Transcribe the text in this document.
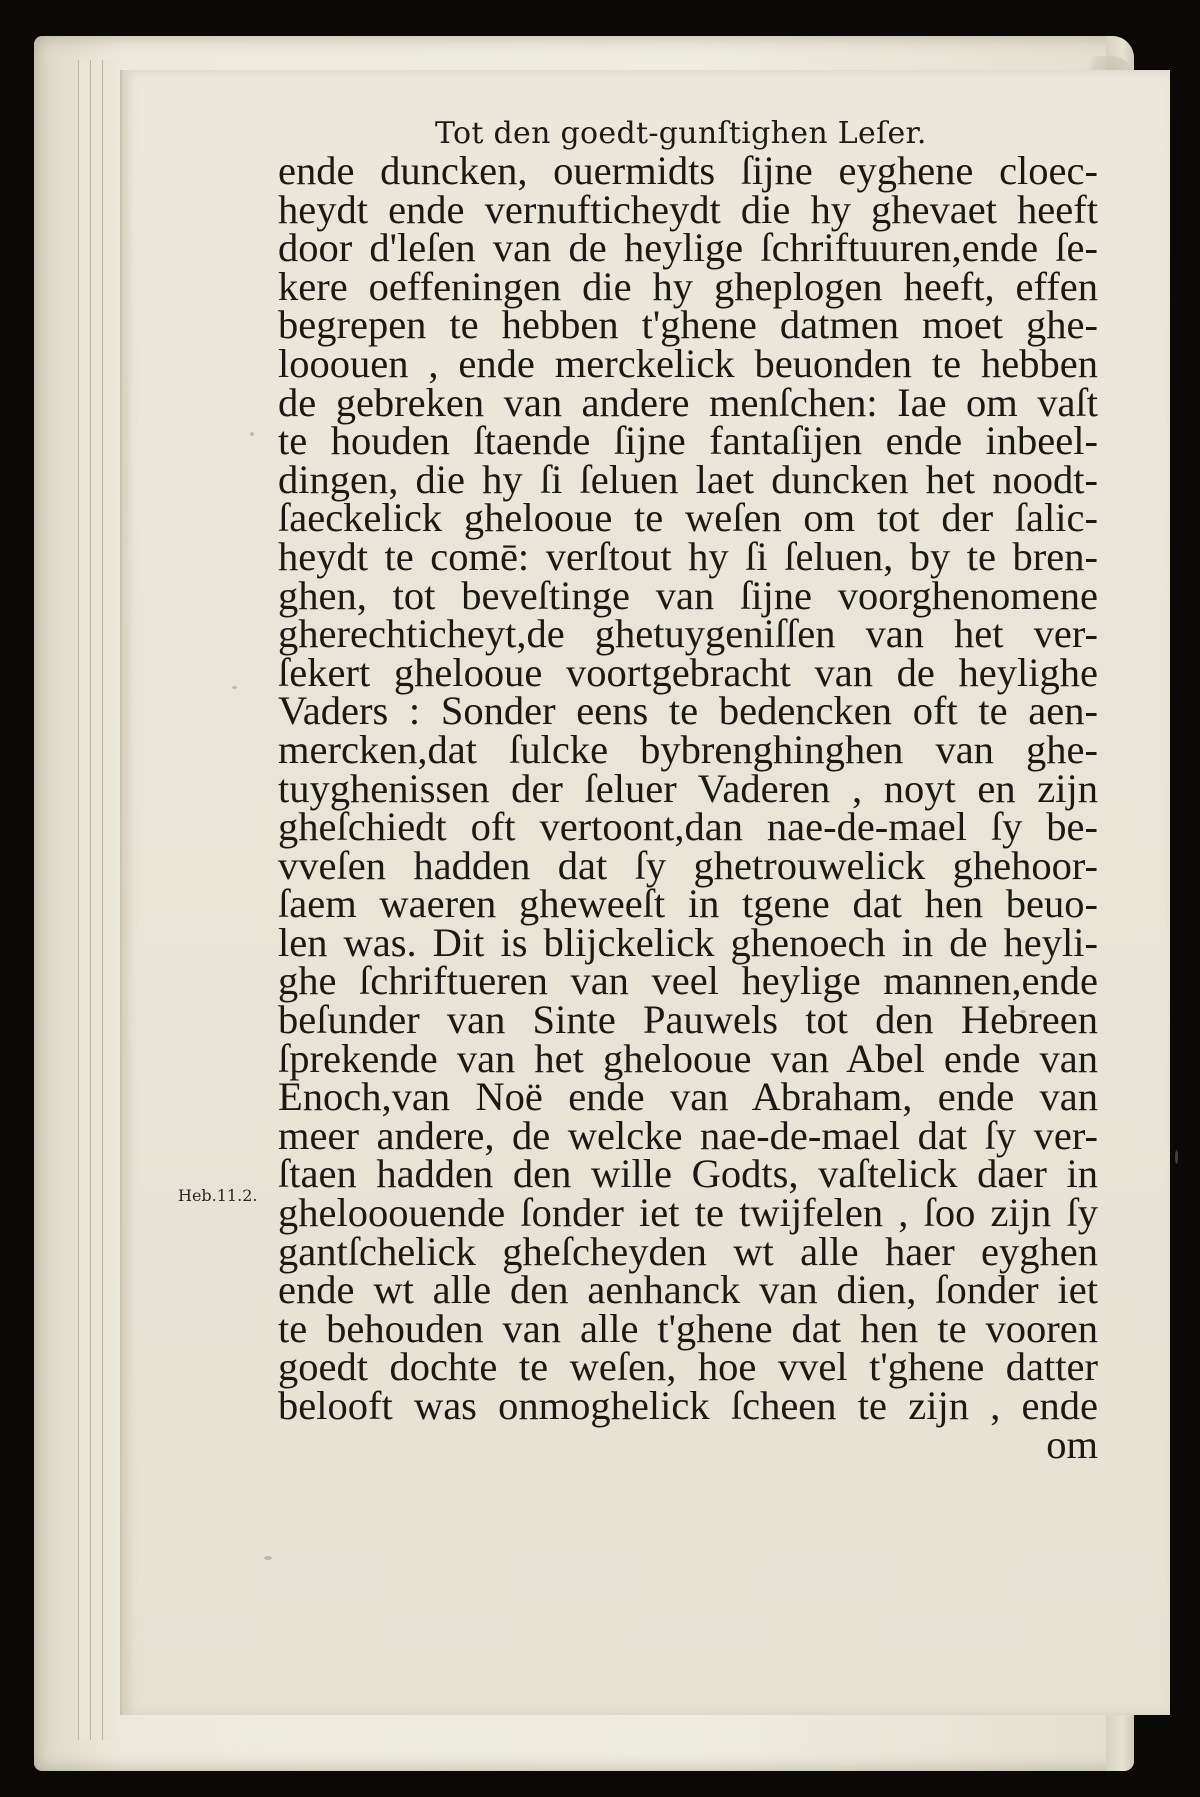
Tot den goedt-gunſtighen Leſer.
Heb.11.2.
ende duncken, ouermidts ſijne eyghene cloec-
heydt ende vernufticheydt die hy ghevaet heeft
door d'leſen van de heylige ſchriftuuren,ende ſe-
kere oeffeningen die hy gheplogen heeft, effen
begrepen te hebben t'ghene datmen moet ghe-
looouen , ende merckelick beuonden te hebben
de gebreken van andere menſchen: Iae om vaſt
te houden ſtaende ſijne fantaſijen ende inbeel-
dingen, die hy ſi ſeluen laet duncken het noodt-
ſaeckelick ghelooue te weſen om tot der ſalic-
heydt te comē: verſtout hy ſi ſeluen, by te bren-
ghen, tot beveſtinge van ſijne voorghenomene
gherechticheyt,de ghetuygeniſſen van het ver-
ſekert ghelooue voortgebracht van de heylighe
Vaders : Sonder eens te bedencken oft te aen-
mercken,dat ſulcke bybrenghinghen van ghe-
tuyghenissen der ſeluer Vaderen , noyt en zijn
gheſchiedt oft vertoont,dan nae-de-mael ſy be-
vveſen hadden dat ſy ghetrouwelick ghehoor-
ſaem waeren gheweeſt in tgene dat hen beuo-
len was. Dit is blijckelick ghenoech in de heyli-
ghe ſchriftueren van veel heylige mannen,ende
beſunder van Sinte Pauwels tot den Hebreen
ſprekende van het ghelooue van Abel ende van
Enoch,van Noë ende van Abraham, ende van
meer andere, de welcke nae-de-mael dat ſy ver-
ſtaen hadden den wille Godts, vaſtelick daer in
ghelooouende ſonder iet te twijfelen , ſoo zijn ſy
gantſchelick gheſcheyden wt alle haer eyghen
ende wt alle den aenhanck van dien, ſonder iet
te behouden van alle t'ghene dat hen te vooren
goedt dochte te weſen, hoe vvel t'ghene datter
belooft was onmoghelick ſcheen te zijn , ende
om
